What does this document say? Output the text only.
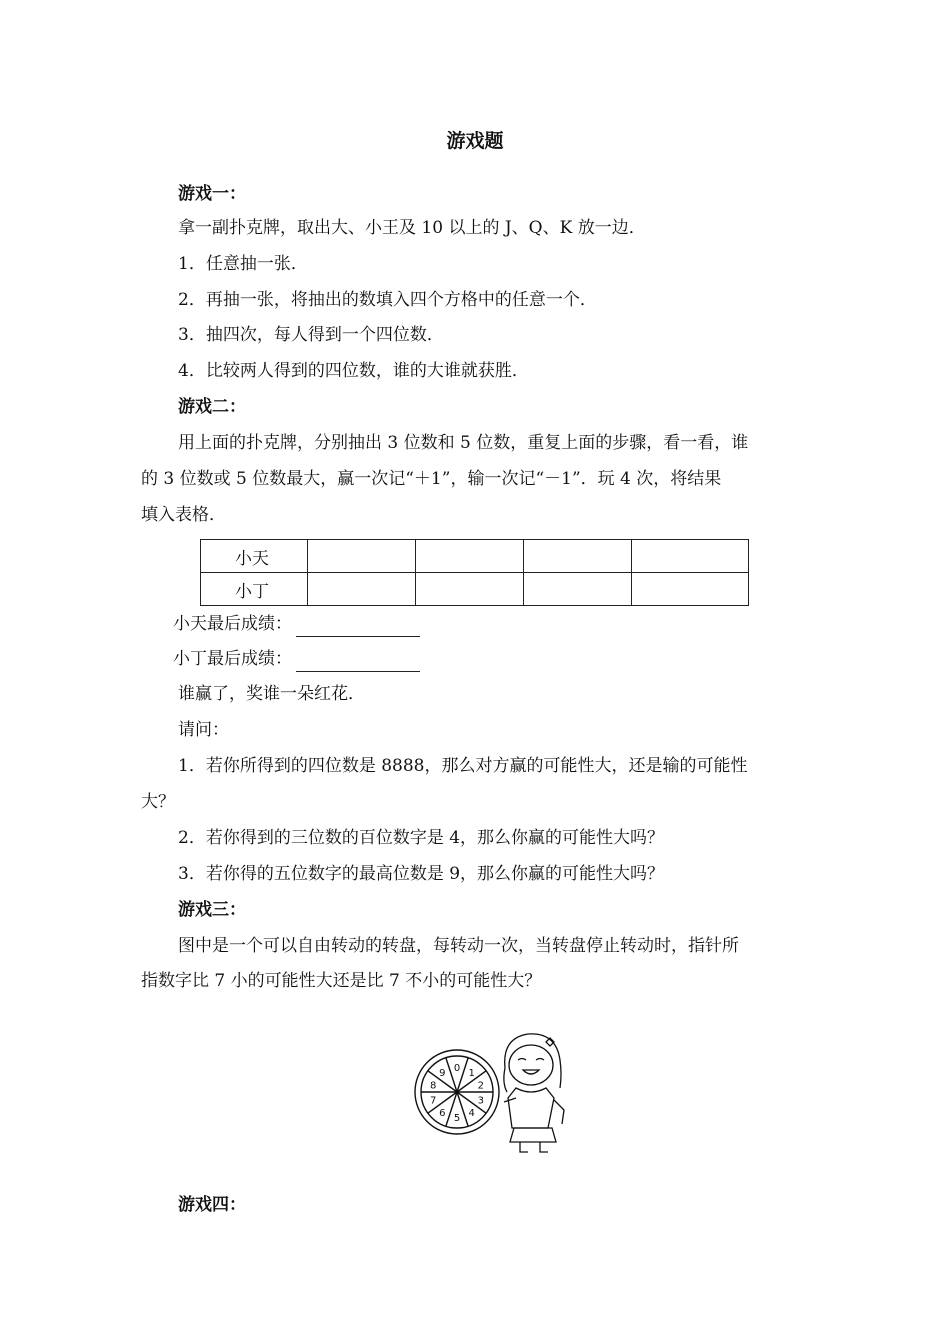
游戏题
游戏一：
拿一副扑克牌，取出大、小王及 10 以上的 J、Q、K 放一边．
1．任意抽一张．
2．再抽一张，将抽出的数填入四个方格中的任意一个．
3．抽四次，每人得到一个四位数．
4．比较两人得到的四位数，谁的大谁就获胜．
游戏二：
用上面的扑克牌，分别抽出 3 位数和 5 位数，重复上面的步骤，看一看，谁
的 3 位数或 5 位数最大，赢一次记“＋1”，输一次记“－1”．玩 4 次，将结果
填入表格．
小天				
小丁				
小天最后成绩：
小丁最后成绩：
谁赢了，奖谁一朵红花．
请问：
1．若你所得到的四位数是 8888，那么对方赢的可能性大，还是输的可能性
大？
2．若你得到的三位数的百位数字是 4，那么你赢的可能性大吗？
3．若你得的五位数字的最高位数是 9，那么你赢的可能性大吗？
游戏三：
图中是一个可以自由转动的转盘，每转动一次，当转盘停止转动时，指针所
指数字比 7 小的可能性大还是比 7 不小的可能性大？
0 1
2
3
4
5
6
7
8
9
游戏四：
